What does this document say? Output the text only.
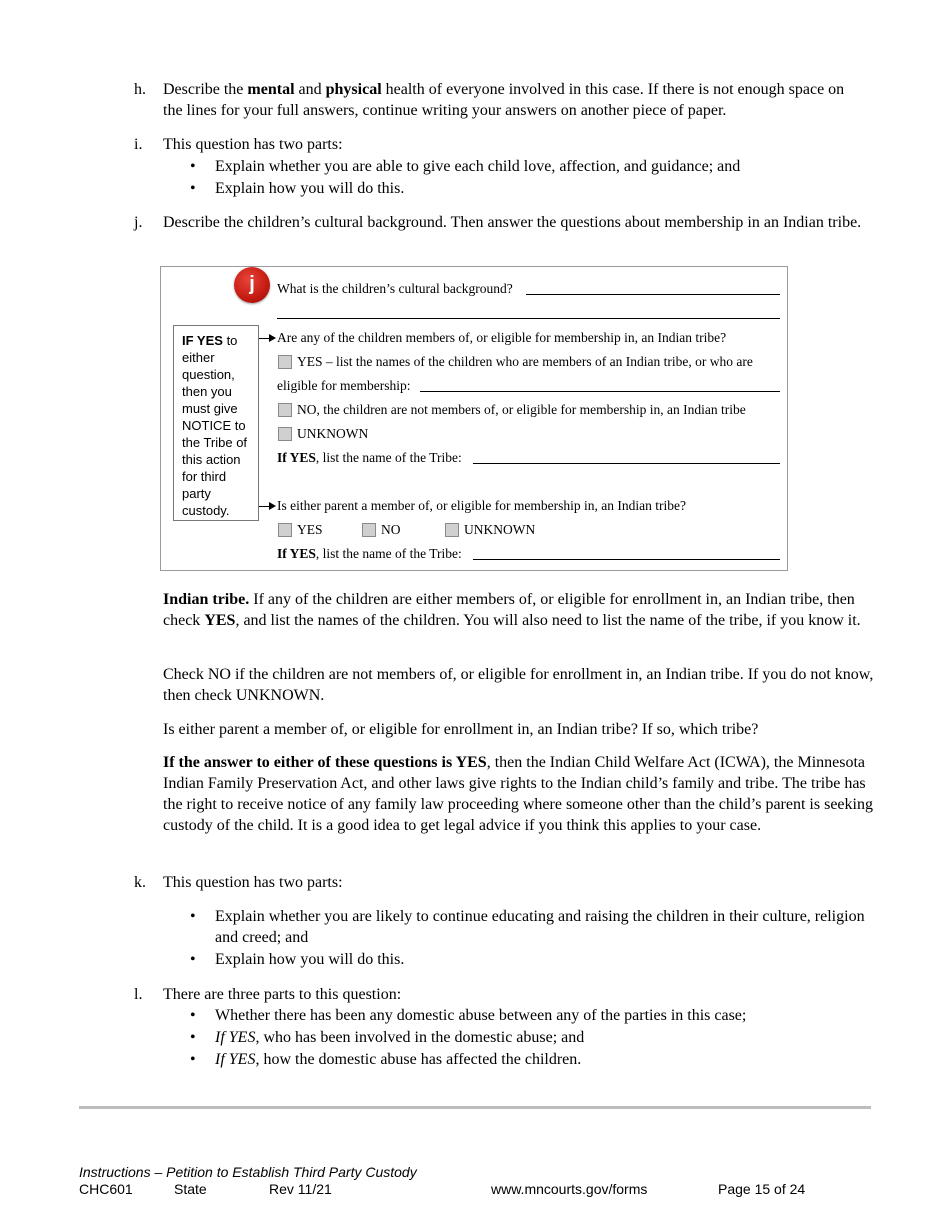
h. Describe the mental and physical health of everyone involved in this case. If there is not enough space on the lines for your full answers, continue writing your answers on another piece of paper.
i. This question has two parts:
• Explain whether you are able to give each child love, affection, and guidance; and
• Explain how you will do this.
j. Describe the children’s cultural background. Then answer the questions about membership in an Indian tribe.
j	What is the children’s cultural background?
IF YES to either question, then you must give NOTICE to the Tribe of this action for third party custody.
Are any of the children members of, or eligible for membership in, an Indian tribe?
YES – list the names of the children who are members of an Indian tribe, or who are
eligible for membership:
NO, the children are not members of, or eligible for membership in, an Indian tribe
UNKNOWN
If YES, list the name of the Tribe:
Is either parent a member of, or eligible for membership in, an Indian tribe?
YES	NO	UNKNOWN
If YES, list the name of the Tribe:
Indian tribe. If any of the children are either members of, or eligible for enrollment in, an Indian tribe, then check YES, and list the names of the children. You will also need to list the name of the tribe, if you know it.
Check NO if the children are not members of, or eligible for enrollment in, an Indian tribe. If you do not know, then check UNKNOWN.
Is either parent a member of, or eligible for enrollment in, an Indian tribe? If so, which tribe?
If the answer to either of these questions is YES, then the Indian Child Welfare Act (ICWA), the Minnesota Indian Family Preservation Act, and other laws give rights to the Indian child’s family and tribe. The tribe has the right to receive notice of any family law proceeding where someone other than the child’s parent is seeking custody of the child. It is a good idea to get legal advice if you think this applies to your case.
k. This question has two parts:
• Explain whether you are likely to continue educating and raising the children in their culture, religion and creed; and
• Explain how you will do this.
l. There are three parts to this question:
• Whether there has been any domestic abuse between any of the parties in this case;
• If YES, who has been involved in the domestic abuse; and
• If YES, how the domestic abuse has affected the children.
Instructions – Petition to Establish Third Party Custody
CHC601	State	Rev 11/21	www.mncourts.gov/forms	Page 15 of 24
